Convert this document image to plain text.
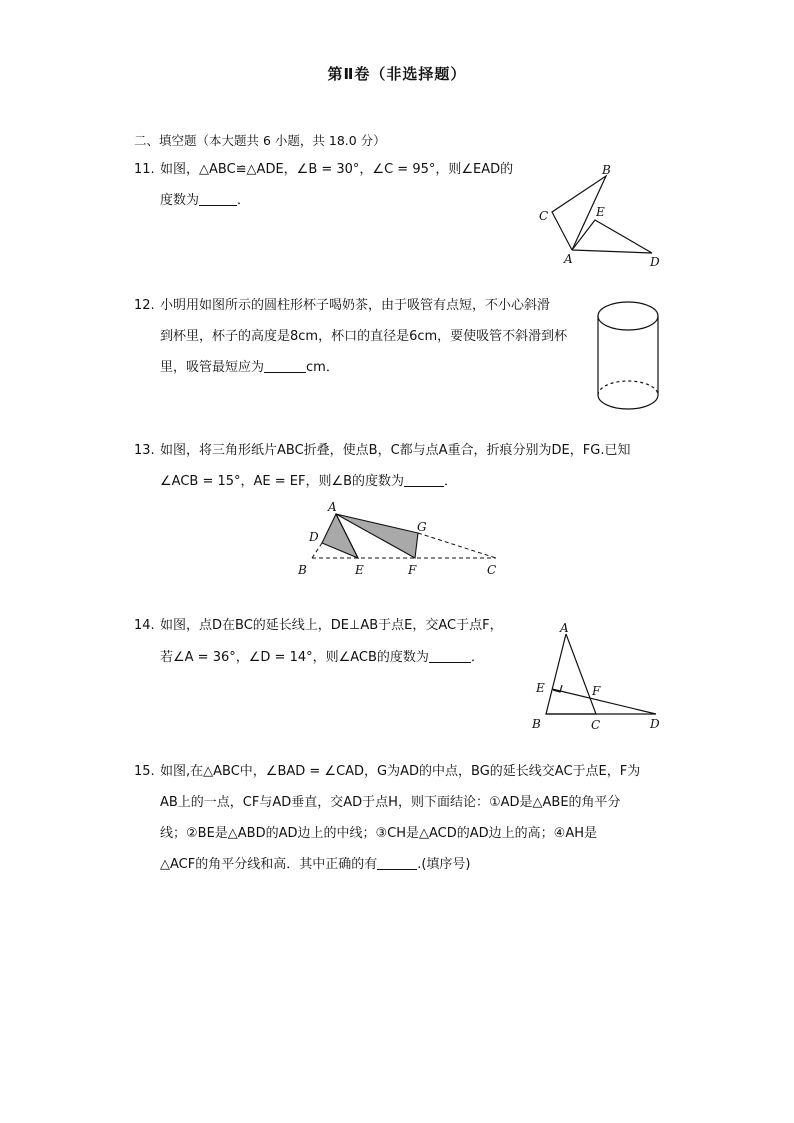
第Ⅱ卷（非选择题）
二、填空题（本大题共 6 小题，共 18.0 分）
11. 如图，△ABC≌△ADE，∠B = 30°，∠C = 95°，则∠EAD的
度数为	．
B
C	E
A	D
12. 小明用如图所示的圆柱形杯子喝奶茶，由于吸管有点短，不小心斜滑
到杯里，杯子的高度是8cm，杯口的直径是6cm，要使吸管不斜滑到杯
里，吸管最短应为	cm．
13. 如图，将三角形纸片ABC折叠，使点B，C都与点A重合，折痕分别为DE，FG.已知
∠ACB = 15°，AE = EF，则∠B的度数为	．
A
G
D
B	E	F	C
14. 如图，点D在BC的延长线上，DE⊥AB于点E，交AC于点F，
若∠A = 36°，∠D = 14°，则∠ACB的度数为	．
A
E	F
B	C	D
15. 如图,在△ABC中，∠BAD = ∠CAD，G为AD的中点，BG的延长线交AC于点E，F为
AB上的一点，CF与AD垂直，交AD于点H，则下面结论：①AD是△ABE的角平分
线；②BE是△ABD的AD边上的中线；③CH是△ACD的AD边上的高；④AH是
△ACF的角平分线和高．其中正确的有	.(填序号)
